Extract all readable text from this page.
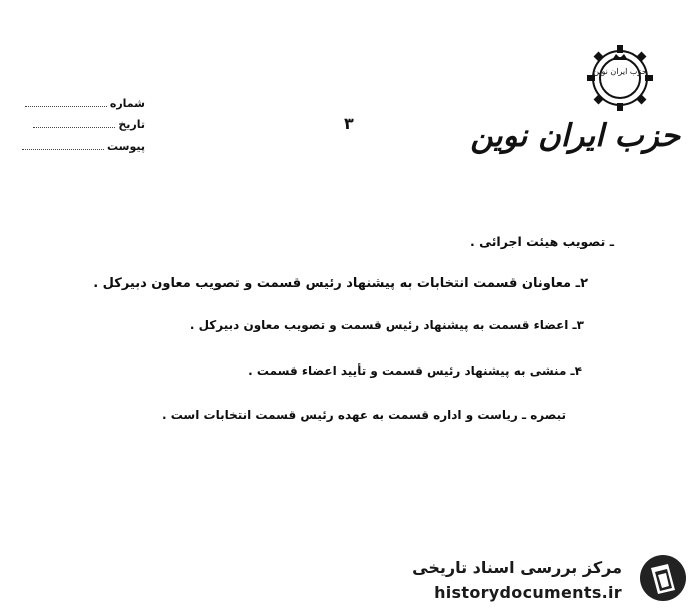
شماره
تاریخ
پیوست
۳
حزب ایران نوین
حزب ایران نوین
ـ تصویب هیئت اجرائی .
۲ـ معاونان قسمت انتخابات به پیشنهاد رئیس قسمت و تصویب معاون دبیرکل .
۳ـ اعضاء قسمت به پیشنهاد رئیس قسمت و تصویب معاون دبیرکل .
۴ـ منشی به پیشنهاد رئیس قسمت و تأیید اعضاء قسمت .
تبصره ـ ریاست و اداره قسمت به عهده رئیس قسمت انتخابات است .
مرکز بررسی اسناد تاریخی
historydocuments.ir
